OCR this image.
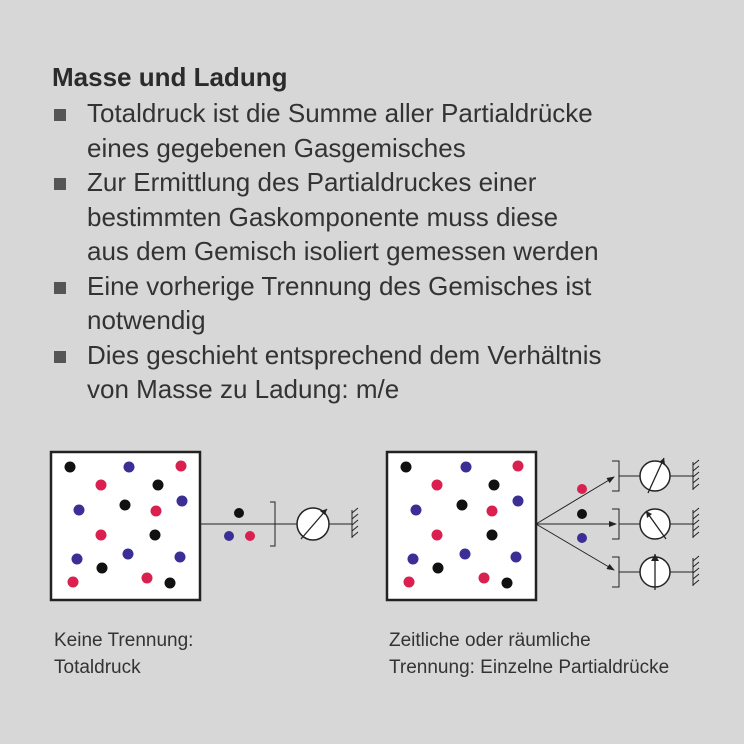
Masse und Ladung
Totaldruck ist die Summe aller Partialdrücke
eines gegebenen Gasgemisches
Zur Ermittlung des Partialdruckes einer
bestimmten Gaskomponente muss diese
aus dem Gemisch isoliert gemessen werden
Eine vorherige Trennung des Gemisches ist
notwendig
Dies geschieht entsprechend dem Verhältnis
von Masse zu Ladung: m/e
Keine Trennung:
Totaldruck
Zeitliche oder räumliche
Trennung: Einzelne Partialdrücke
